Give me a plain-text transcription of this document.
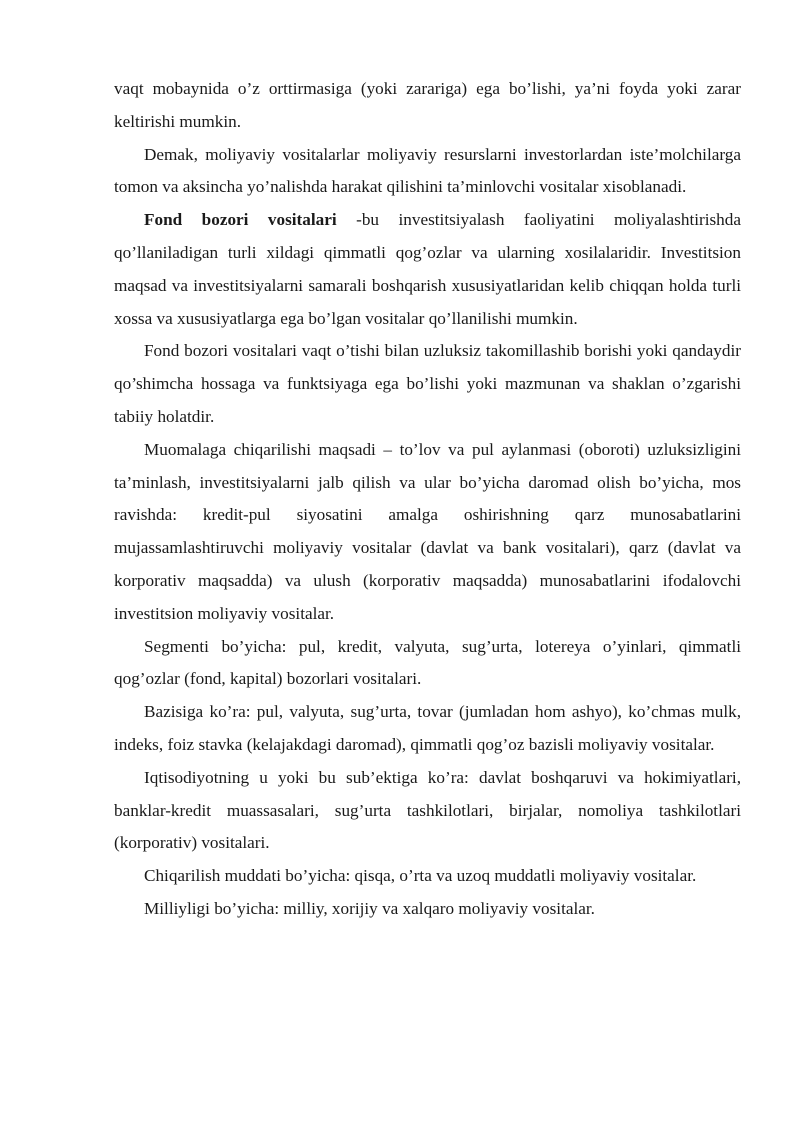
vaqt mobaynida o’z orttirmasiga (yoki zarariga) ega bo’lishi, ya’ni foyda yoki zarar keltirishi mumkin.

Demak, moliyaviy vositalarlar moliyaviy resurslarni investorlardan iste’molchilarga tomon va aksincha yo’nalishda harakat qilishini ta’minlovchi vositalar xisoblanadi.

Fond bozori vositalari -bu investitsiyalash faoliyatini moliyalashtirishda qo’llaniladigan turli xildagi qimmatli qog’ozlar va ularning xosilalaridir. Investitsion maqsad va investitsiyalarni samarali boshqarish xususiyatlaridan kelib chiqqan holda turli xossa va xususiyatlarga ega bo’lgan vositalar qo’llanilishi mumkin.

Fond bozori vositalari vaqt o’tishi bilan uzluksiz takomillashib borishi yoki qandaydir qo’shimcha hossaga va funktsiyaga ega bo’lishi yoki mazmunan va shaklan o’zgarishi tabiiy holatdir.

Muomalaga chiqarilishi maqsadi – to’lov va pul aylanmasi (oboroti) uzluksizligini ta’minlash, investitsiyalarni jalb qilish va ular bo’yicha daromad olish bo’yicha, mos ravishda: kredit-pul siyosatini amalga oshirishning qarz munosabatlarini mujassamlashtiruvchi moliyaviy vositalar (davlat va bank vositalari), qarz (davlat va korporativ maqsadda) va ulush (korporativ maqsadda) munosabatlarini ifodalovchi investitsion moliyaviy vositalar.

Segmenti bo’yicha: pul, kredit, valyuta, sug’urta, lotereya o’yinlari, qimmatli qog’ozlar (fond, kapital) bozorlari vositalari.

Bazisiga ko’ra: pul, valyuta, sug’urta, tovar (jumladan hom ashyo), ko’chmas mulk, indeks, foiz stavka (kelajakdagi daromad), qimmatli qog’oz bazisli moliyaviy vositalar.

Iqtisodiyotning u yoki bu sub’ektiga ko’ra: davlat boshqaruvi va hokimiyatlari, banklar-kredit muassasalari, sug’urta tashkilotlari, birjalar, nomoliya tashkilotlari (korporativ) vositalari.

Chiqarilish muddati bo’yicha: qisqa, o’rta va uzoq muddatli moliyaviy vositalar.

Milliyligi bo’yicha: milliy, xorijiy va xalqaro moliyaviy vositalar.
